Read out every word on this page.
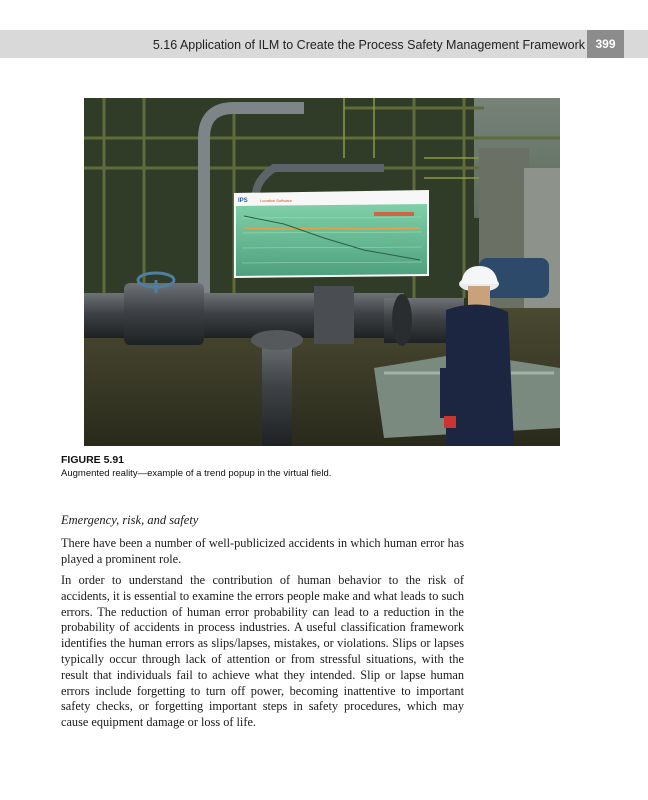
5.16 Application of ILM to Create the Process Safety Management Framework 399
IPS	Location Software
FIGURE 5.91
Augmented reality—example of a trend popup in the virtual field.
Emergency, risk, and safety
There have been a number of well-publicized accidents in which human error has played a prominent role.
In order to understand the contribution of human behavior to the risk of accidents, it is essential to examine the errors people make and what leads to such errors. The reduction of human error probability can lead to a reduction in the probability of accidents in process industries. A useful classification framework identifies the human errors as slips/lapses, mistakes, or violations. Slips or lapses typically occur through lack of attention or from stressful situations, with the result that individuals fail to achieve what they intended. Slip or lapse human errors include forgetting to turn off power, becoming inattentive to important safety checks, or forgetting important steps in safety procedures, which may cause equipment damage or loss of life.
